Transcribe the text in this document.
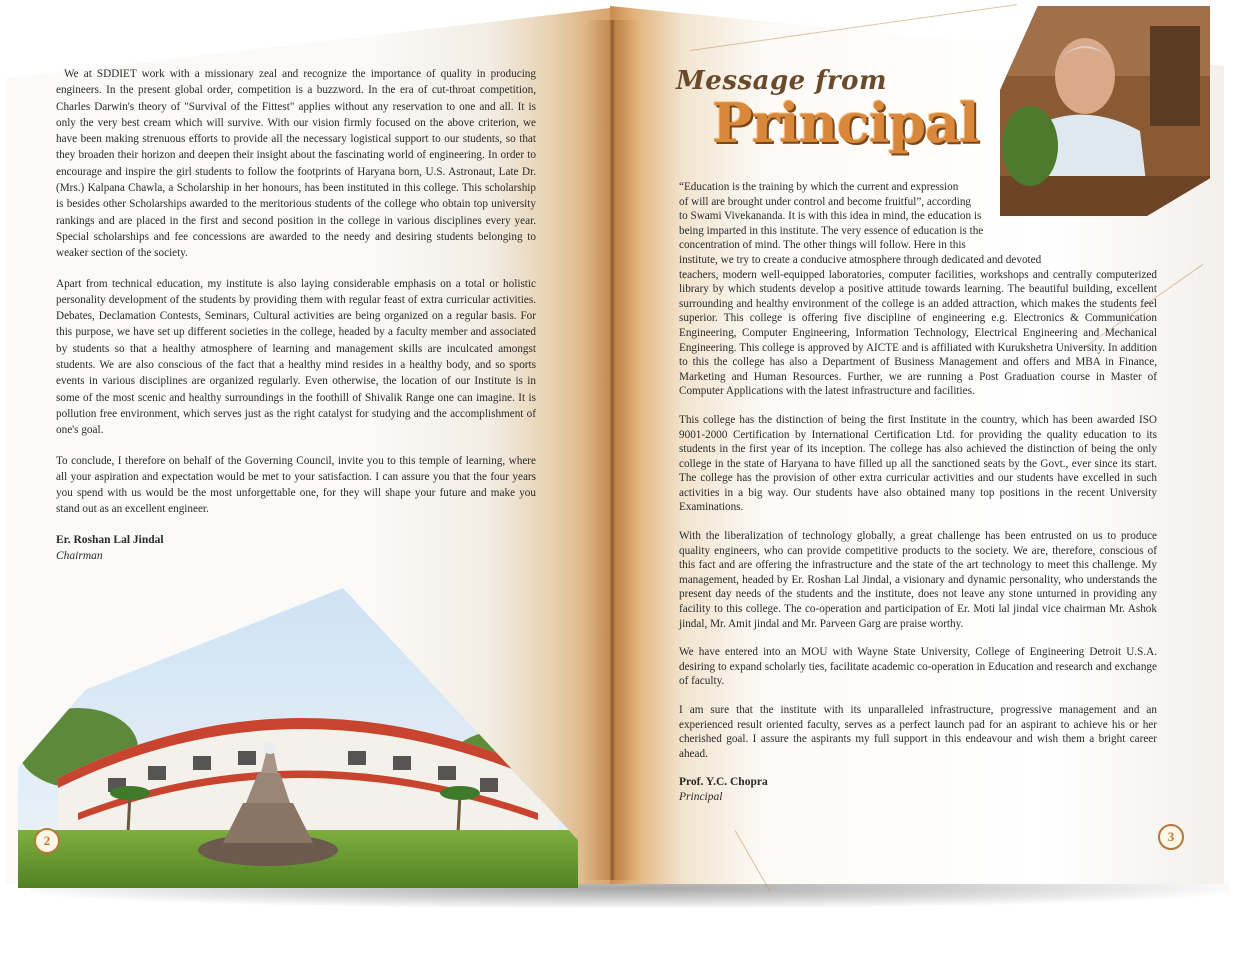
We at SDDIET work with a missionary zeal and recognize the importance of quality in producing engineers. In the present global order, competition is a buzzword. In the era of cut-throat competition, Charles Darwin's theory of "Survival of the Fittest" applies without any reservation to one and all. It is only the very best cream which will survive. With our vision firmly focused on the above criterion, we have been making strenuous efforts to provide all the necessary logistical support to our students, so that they broaden their horizon and deepen their insight about the fascinating world of engineering. In order to encourage and inspire the girl students to follow the footprints of Haryana born, U.S. Astronaut, Late Dr. (Mrs.) Kalpana Chawla, a Scholarship in her honours, has been instituted in this college. This scholarship is besides other Scholarships awarded to the meritorious students of the college who obtain top university rankings and are placed in the first and second position in the college in various disciplines every year. Special scholarships and fee concessions are awarded to the needy and desiring students belonging to weaker section of the society.

Apart from technical education, my institute is also laying considerable emphasis on a total or holistic personality development of the students by providing them with regular feast of extra curricular activities. Debates, Declamation Contests, Seminars, Cultural activities are being organized on a regular basis. For this purpose, we have set up different societies in the college, headed by a faculty member and associated by students so that a healthy atmosphere of learning and management skills are inculcated amongst students. We are also conscious of the fact that a healthy mind resides in a healthy body, and so sports events in various disciplines are organized regularly. Even otherwise, the location of our Institute is in some of the most scenic and healthy surroundings in the foothill of Shivalik Range one can imagine. It is pollution free environment, which serves just as the right catalyst for studying and the accomplishment of one's goal.

To conclude, I therefore on behalf of the Governing Council, invite you to this temple of learning, where all your aspiration and expectation would be met to your satisfaction. I can assure you that the four years you spend with us would be the most unforgettable one, for they will shape your future and make you stand out as an excellent engineer.

Er. Roshan Lal Jindal
Chairman
2
Message from
Principal

“Education is the training by which the current and expression
of will are brought under control and become fruitful”, according
to Swami Vivekananda. It is with this idea in mind, the education is
being imparted in this institute. The very essence of education is the
concentration of mind. The other things will follow. Here in this
institute, we try to create a conducive atmosphere through dedicated and devoted
teachers, modern well-equipped laboratories, computer facilities, workshops and centrally computerized library by which students develop a positive attitude towards learning. The beautiful building, excellent surrounding and healthy environment of the college is an added attraction, which makes the students feel superior. This college is offering five discipline of engineering e.g. Electronics & Communication Engineering, Computer Engineering, Information Technology, Electrical Engineering and Mechanical Engineering. This college is approved by AICTE and is affiliated with Kurukshetra University. In addition to this the college has also a Department of Business Management and offers and MBA in Finance, Marketing and Human Resources. Further, we are running a Post Graduation course in Master of Computer Applications with the latest infrastructure and facilities.

This college has the distinction of being the first Institute in the country, which has been awarded ISO 9001-2000 Certification by International Certification Ltd. for providing the quality education to its students in the first year of its inception. The college has also achieved the distinction of being the only college in the state of Haryana to have filled up all the sanctioned seats by the Govt., ever since its start. The college has the provision of other extra curricular activities and our students have excelled in such activities in a big way. Our students have also obtained many top positions in the recent University Examinations.

With the liberalization of technology globally, a great challenge has been entrusted on us to produce quality engineers, who can provide competitive products to the society. We are, therefore, conscious of this fact and are offering the infrastructure and the state of the art technology to meet this challenge. My management, headed by Er. Roshan Lal Jindal, a visionary and dynamic personality, who understands the present day needs of the students and the institute, does not leave any stone unturned in providing any facility to this college. The co-operation and participation of Er. Moti lal jindal vice chairman Mr. Ashok jindal, Mr. Amit jindal and Mr. Parveen Garg are praise worthy.

We have entered into an MOU with Wayne State University, College of Engineering Detroit U.S.A. desiring to expand scholarly ties, facilitate academic co-operation in Education and research and exchange of faculty.

I am sure that the institute with its unparalleled infrastructure, progressive management and an experienced result oriented faculty, serves as a perfect launch pad for an aspirant to achieve his or her cherished goal. I assure the aspirants my full support in this endeavour and wish them a bright career ahead.

Prof. Y.C. Chopra
Principal
3
